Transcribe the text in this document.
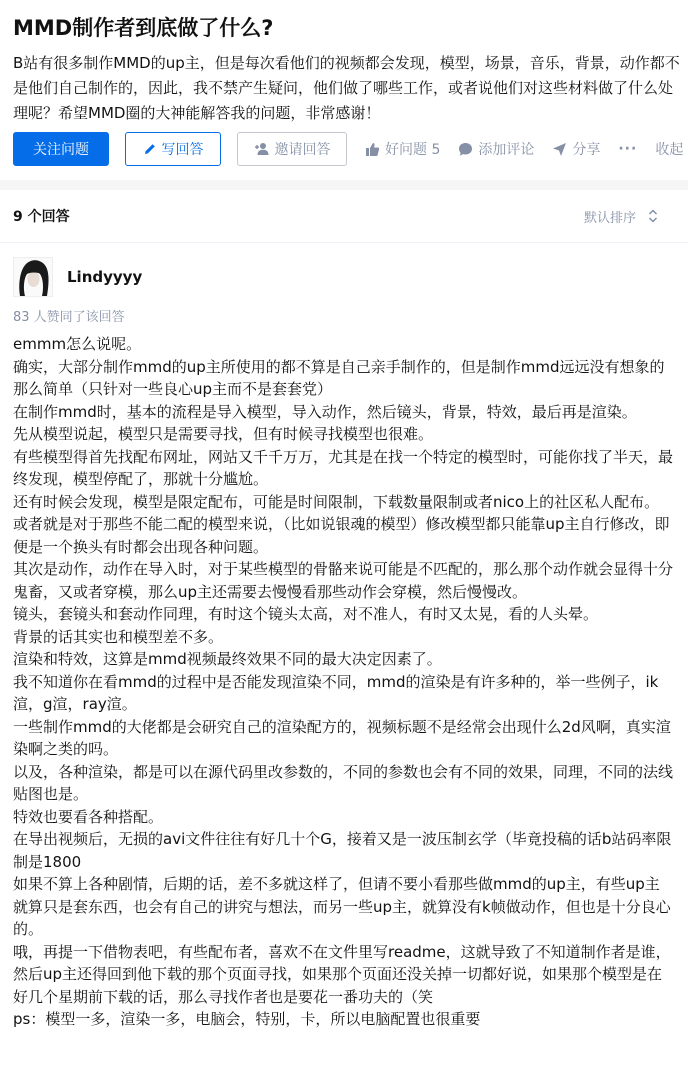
MMD制作者到底做了什么?
B站有很多制作MMD的up主，但是每次看他们的视频都会发现，模型，场景，音乐，背景，动作都不是他们自己制作的，因此，我不禁产生疑问，他们做了哪些工作，或者说他们对这些材料做了什么处理呢？希望MMD圈的大神能解答我的问题，非常感谢！
关注问题	写回答	邀请回答	好问题 5	添加评论	分享 ··· 收起
9 个回答	默认排序
Lindyyyy
83 人赞同了该回答

emmm怎么说呢。

确实，大部分制作mmd的up主所使用的都不算是自己亲手制作的，但是制作mmd远远没有想象的那么简单（只针对一些良心up主而不是套套党）

在制作mmd时，基本的流程是导入模型，导入动作，然后镜头，背景，特效，最后再是渲染。

先从模型说起，模型只是需要寻找，但有时候寻找模型也很难。

有些模型得首先找配布网址，网站又千千万万，尤其是在找一个特定的模型时，可能你找了半天，最终发现，模型停配了，那就十分尴尬。

还有时候会发现，模型是限定配布，可能是时间限制，下载数量限制或者nico上的社区私人配布。

或者就是对于那些不能二配的模型来说，（比如说银魂的模型）修改模型都只能靠up主自行修改，即便是一个换头有时都会出现各种问题。

其次是动作，动作在导入时，对于某些模型的骨骼来说可能是不匹配的，那么那个动作就会显得十分鬼畜，又或者穿模，那么up主还需要去慢慢看那些动作会穿模，然后慢慢改。

镜头，套镜头和套动作同理，有时这个镜头太高，对不准人，有时又太晃，看的人头晕。

背景的话其实也和模型差不多。

渲染和特效，这算是mmd视频最终效果不同的最大决定因素了。

我不知道你在看mmd的过程中是否能发现渲染不同，mmd的渲染是有许多种的，举一些例子，ik渲，g渲，ray渲。

一些制作mmd的大佬都是会研究自己的渲染配方的，视频标题不是经常会出现什么2d风啊，真实渲染啊之类的吗。

以及，各种渲染，都是可以在源代码里改参数的，不同的参数也会有不同的效果，同理，不同的法线贴图也是。

特效也要看各种搭配。

在导出视频后，无损的avi文件往往有好几十个G，接着又是一波压制玄学（毕竟投稿的话b站码率限制是1800

如果不算上各种剧情，后期的话，差不多就这样了，但请不要小看那些做mmd的up主，有些up主就算只是套东西，也会有自己的讲究与想法，而另一些up主，就算没有k帧做动作，但也是十分良心的。

哦，再提一下借物表吧，有些配布者，喜欢不在文件里写readme，这就导致了不知道制作者是谁，然后up主还得回到他下载的那个页面寻找，如果那个页面还没关掉一切都好说，如果那个模型是在好几个星期前下载的话，那么寻找作者也是要花一番功夫的（笑

ps：模型一多，渲染一多，电脑会，特别，卡，所以电脑配置也很重要
